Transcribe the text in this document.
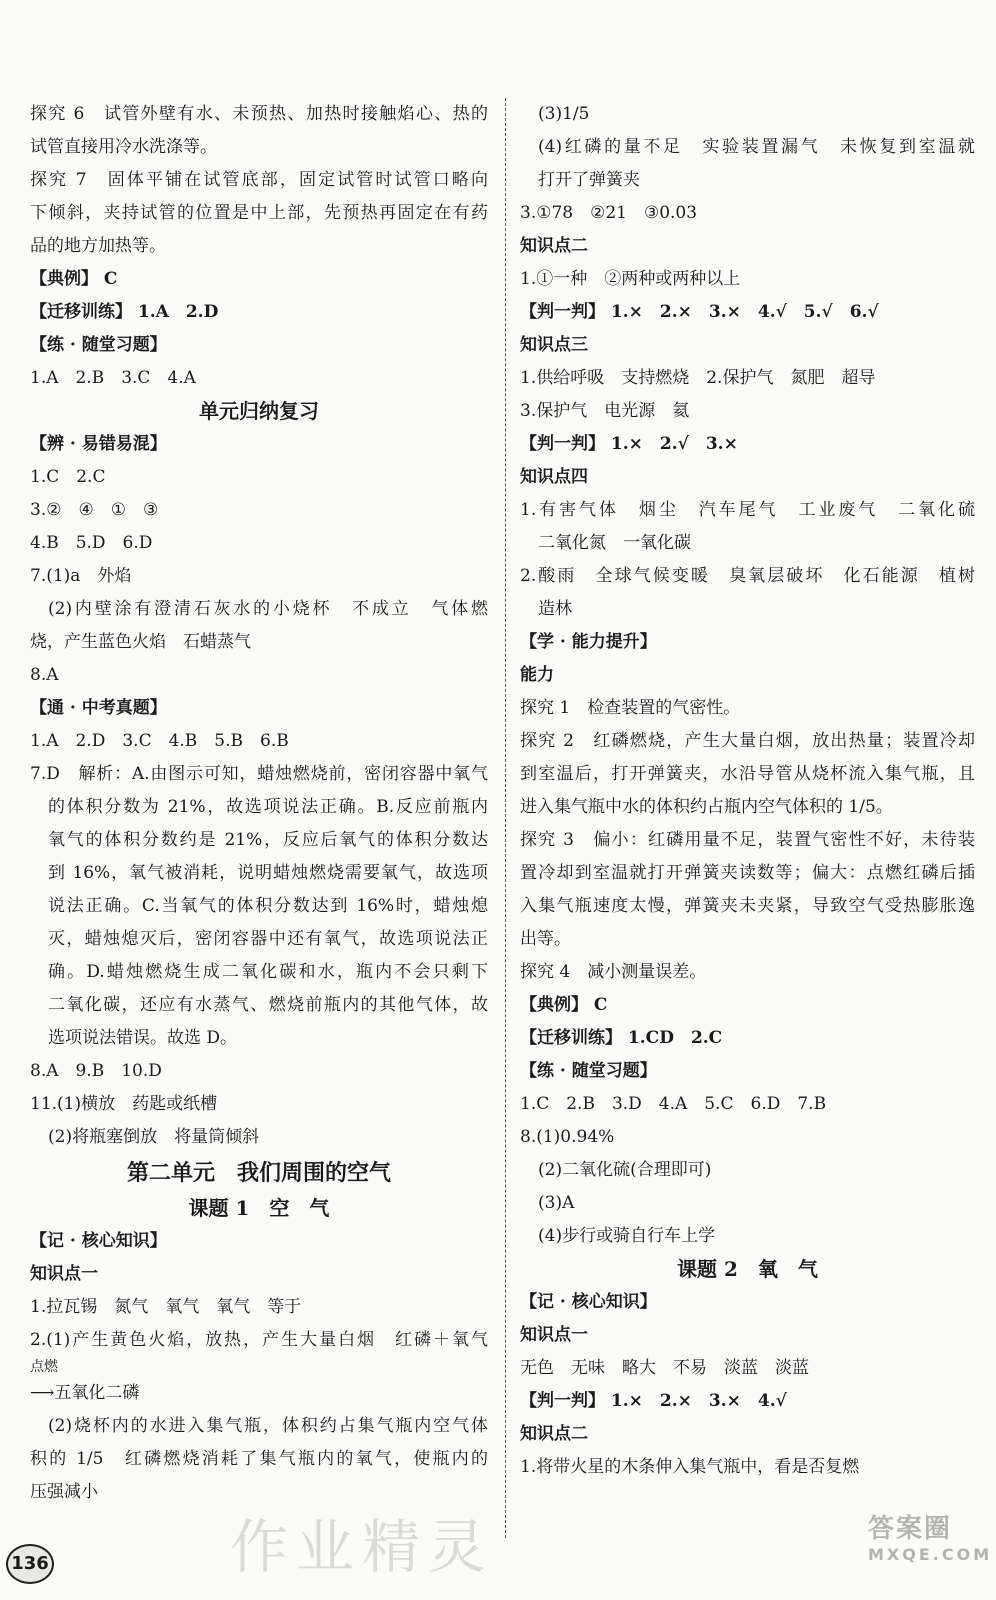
探究 6　试管外壁有水、未预热、加热时接触焰心、热的
试管直接用冷水洗涤等。
探究 7　固体平铺在试管底部，固定试管时试管口略向
下倾斜，夹持试管的位置是中上部，先预热再固定在有药
品的地方加热等。
【典例】 C
【迁移训练】 1.A　2.D
【练 · 随堂习题】
1.A　2.B　3.C　4.A
单元归纳复习
【辨 · 易错易混】
1.C　2.C
3.②　④　①　③
4.B　5.D　6.D
7.(1)a　外焰
(2)内壁涂有澄清石灰水的小烧杯　不成立　气体燃
烧，产生蓝色火焰　石蜡蒸气
8.A
【通 · 中考真题】
1.A　2.D　3.C　4.B　5.B　6.B
7.D　解析：A.由图示可知，蜡烛燃烧前，密闭容器中氧气
的体积分数为 21%，故选项说法正确。B.反应前瓶内
氧气的体积分数约是 21%，反应后氧气的体积分数达
到 16%，氧气被消耗，说明蜡烛燃烧需要氧气，故选项
说法正确。C.当氧气的体积分数达到 16%时，蜡烛熄
灭，蜡烛熄灭后，密闭容器中还有氧气，故选项说法正
确。D.蜡烛燃烧生成二氧化碳和水，瓶内不会只剩下
二氧化碳，还应有水蒸气、燃烧前瓶内的其他气体，故
选项说法错误。故选 D。
8.A　9.B　10.D
11.(1)横放　药匙或纸槽
(2)将瓶塞倒放　将量筒倾斜
第二单元　我们周围的空气
课题 1　空　气
【记 · 核心知识】
知识点一
1.拉瓦锡　氮气　氧气　氧气　等于
2.(1)产生黄色火焰，放热，产生大量白烟　红磷＋氧气
点燃
⟶五氧化二磷
(2)烧杯内的水进入集气瓶，体积约占集气瓶内空气体
积的 1/5　红磷燃烧消耗了集气瓶内的氧气，使瓶内的
压强减小
(3)1/5
(4)红磷的量不足　实验装置漏气　未恢复到室温就
打开了弹簧夹
3.①78　②21　③0.03
知识点二
1.①一种　②两种或两种以上
【判一判】 1.×　2.×　3.×　4.√　5.√　6.√
知识点三
1.供给呼吸　支持燃烧　2.保护气　氮肥　超导
3.保护气　电光源　氦
【判一判】 1.×　2.√　3.×
知识点四
1.有害气体　烟尘　汽车尾气　工业废气　二氧化硫
二氧化氮　一氧化碳
2.酸雨　全球气候变暖　臭氧层破坏　化石能源　植树
造林
【学 · 能力提升】
能力
探究 1　检查装置的气密性。
探究 2　红磷燃烧，产生大量白烟，放出热量；装置冷却
到室温后，打开弹簧夹，水沿导管从烧杯流入集气瓶，且
进入集气瓶中水的体积约占瓶内空气体积的 1/5。
探究 3　偏小：红磷用量不足，装置气密性不好，未待装
置冷却到室温就打开弹簧夹读数等；偏大：点燃红磷后插
入集气瓶速度太慢，弹簧夹未夹紧，导致空气受热膨胀逸
出等。
探究 4　减小测量误差。
【典例】 C
【迁移训练】 1.CD　2.C
【练 · 随堂习题】
1.C　2.B　3.D　4.A　5.C　6.D　7.B
8.(1)0.94%
(2)二氧化硫(合理即可)
(3)A
(4)步行或骑自行车上学
课题 2　氧　气
【记 · 核心知识】
知识点一
无色　无味　略大　不易　淡蓝　淡蓝
【判一判】 1.×　2.×　3.×　4.√
知识点二
1.将带火星的木条伸入集气瓶中，看是否复燃
136	作业精灵	答案圈
MXQE.COM
